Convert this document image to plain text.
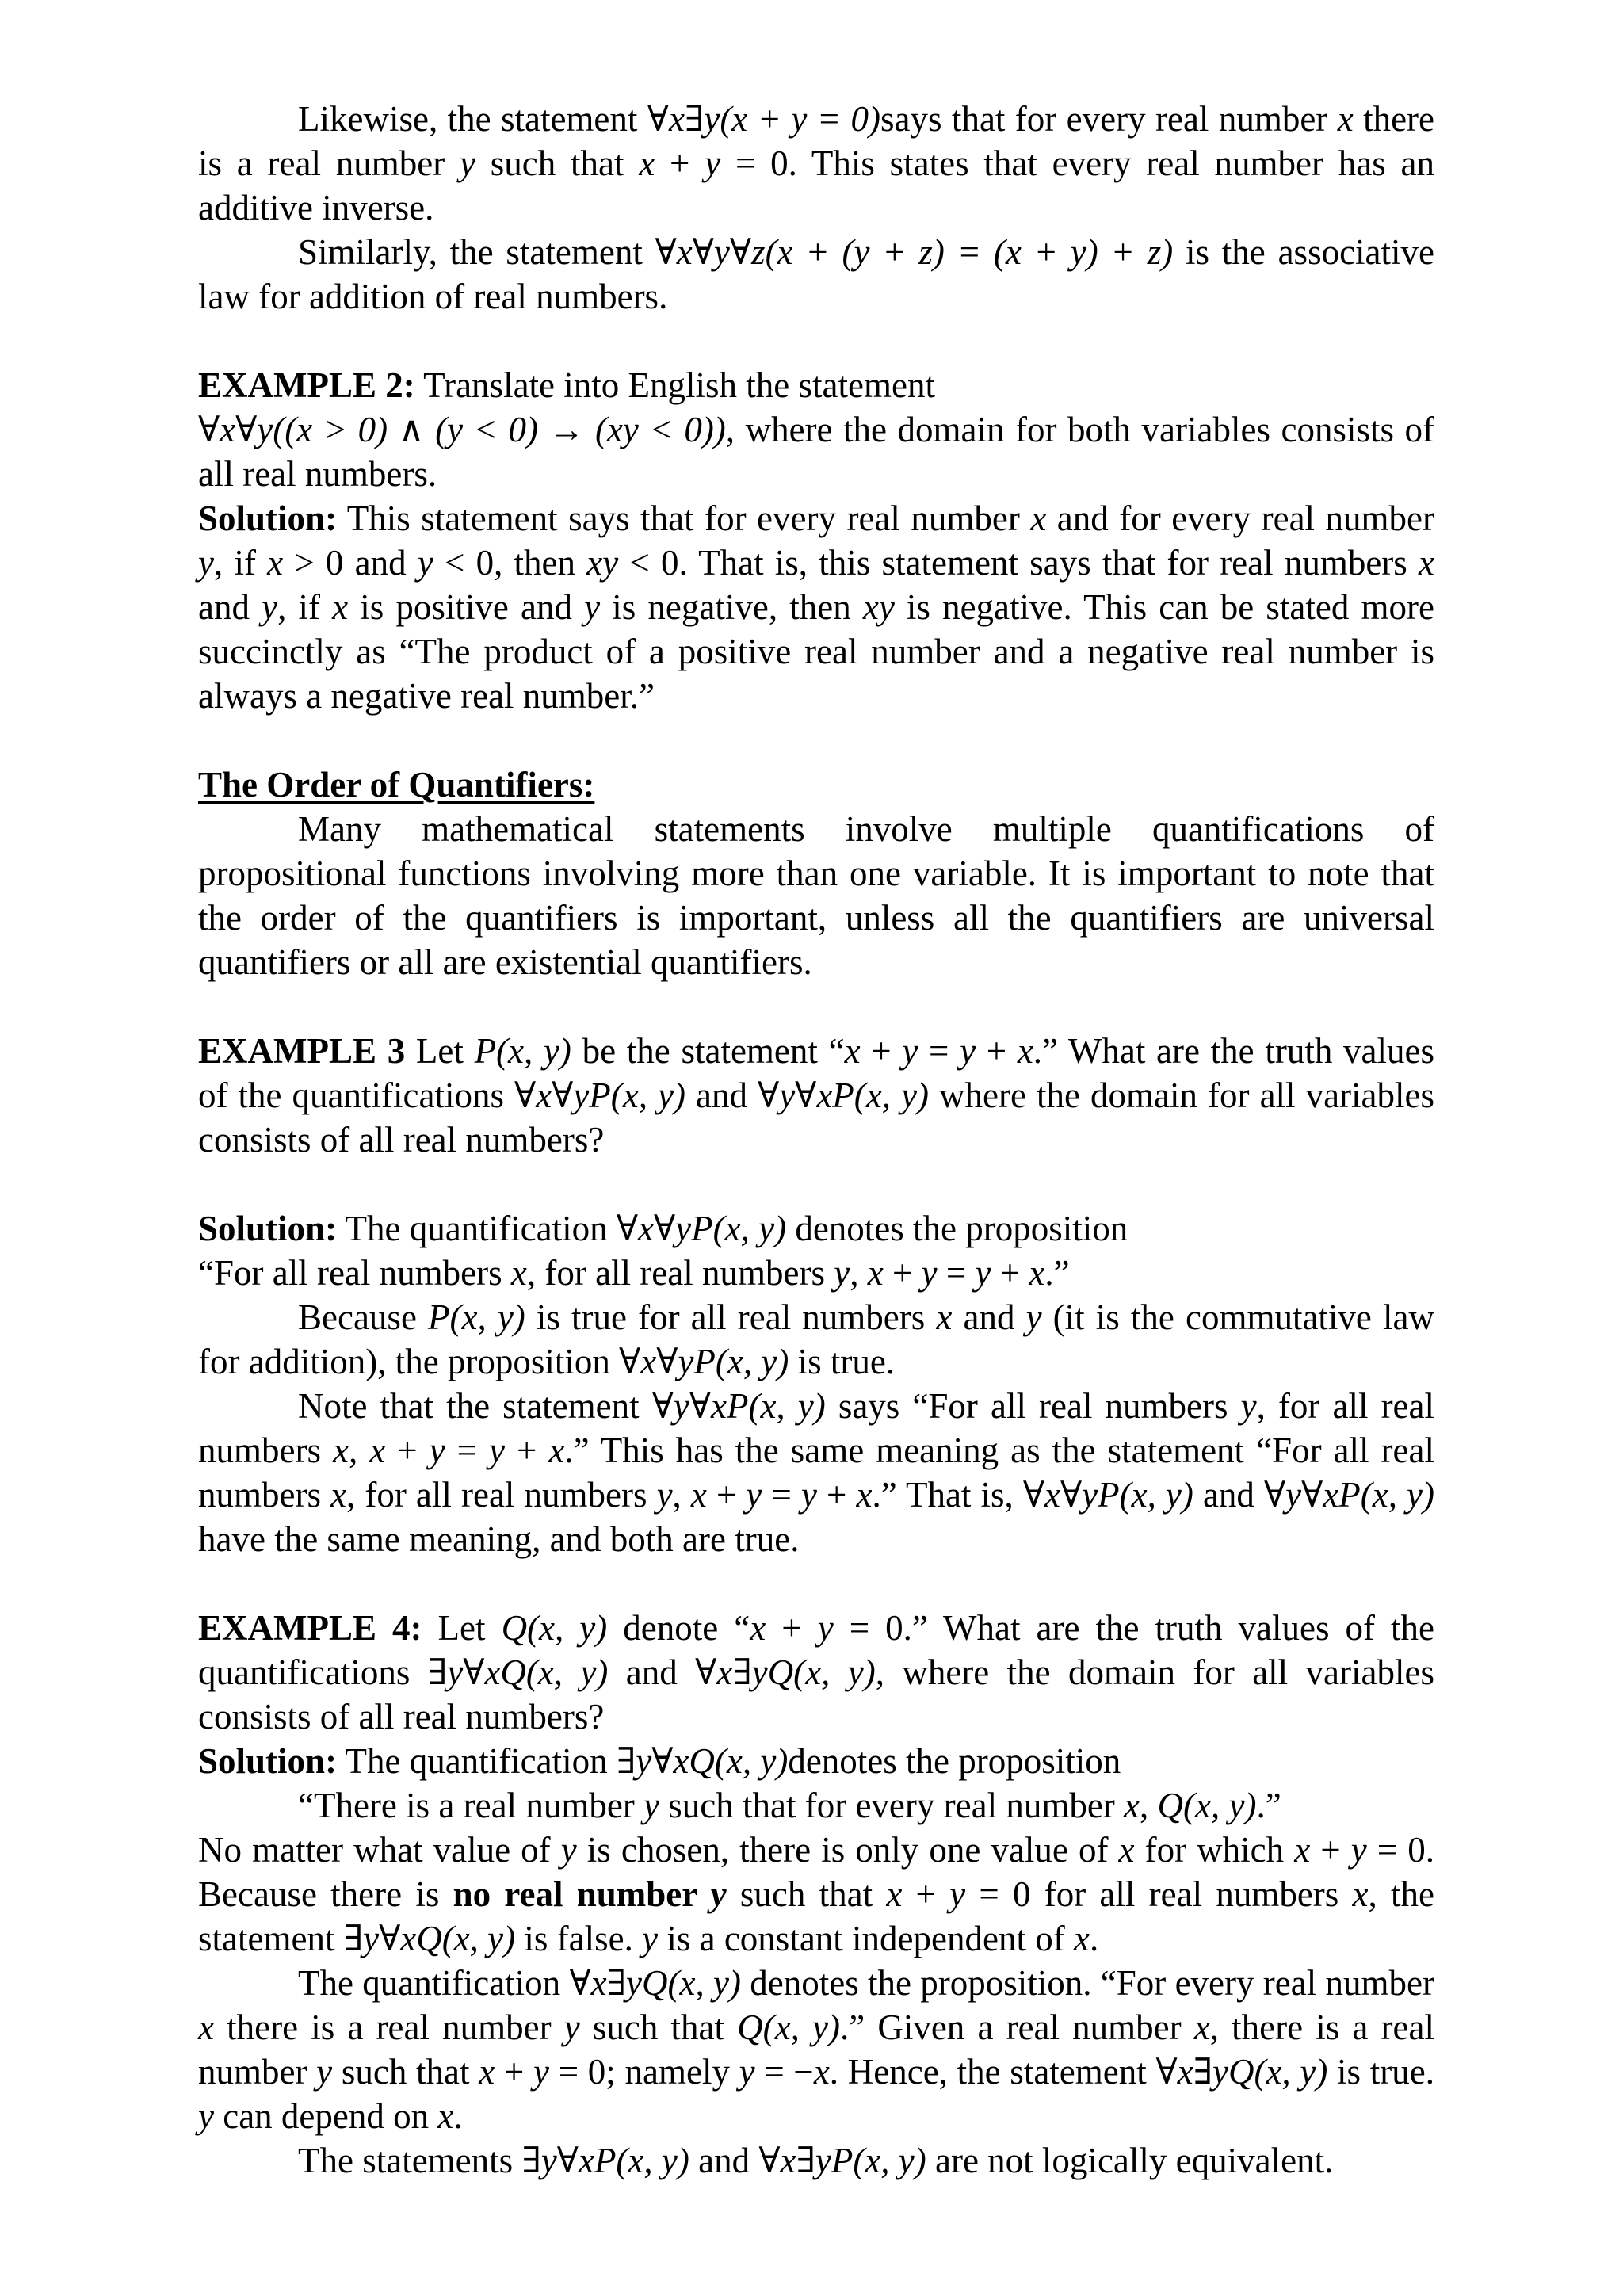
Likewise, the statement ∀x∃y(x + y = 0)says that for every real number x there is a real number y such that x + y = 0. This states that every real number has an additive inverse.

Similarly, the statement ∀x∀y∀z(x + (y + z) = (x + y) + z) is the associative law for addition of real numbers.

EXAMPLE 2: Translate into English the statement
∀x∀y((x > 0) ∧ (y < 0) → (xy < 0)), where the domain for both variables consists of all real numbers.

Solution: This statement says that for every real number x and for every real number y, if x > 0 and y < 0, then xy < 0. That is, this statement says that for real numbers x and y, if x is positive and y is negative, then xy is negative. This can be stated more succinctly as “The product of a positive real number and a negative real number is always a negative real number.”

The Order of Quantifiers:

Many mathematical statements involve multiple quantifications of propositional functions involving more than one variable. It is important to note that the order of the quantifiers is important, unless all the quantifiers are universal quantifiers or all are existential quantifiers.

EXAMPLE 3 Let P(x, y) be the statement “x + y = y + x.” What are the truth values of the quantifications ∀x∀yP(x, y) and ∀y∀xP(x, y) where the domain for all variables consists of all real numbers?

Solution: The quantification ∀x∀yP(x, y) denotes the proposition
“For all real numbers x, for all real numbers y, x + y = y + x.”

Because P(x, y) is true for all real numbers x and y (it is the commutative law for addition), the proposition ∀x∀yP(x, y) is true.

Note that the statement ∀y∀xP(x, y) says “For all real numbers y, for all real numbers x, x + y = y + x.” This has the same meaning as the statement “For all real numbers x, for all real numbers y, x + y = y + x.” That is, ∀x∀yP(x, y) and ∀y∀xP(x, y) have the same meaning, and both are true.

EXAMPLE 4: Let Q(x, y) denote “x + y = 0.” What are the truth values of the quantifications ∃y∀xQ(x, y) and ∀x∃yQ(x, y), where the domain for all variables consists of all real numbers?

Solution: The quantification ∃y∀xQ(x, y)denotes the proposition

“There is a real number y such that for every real number x, Q(x, y).”

No matter what value of y is chosen, there is only one value of x for which x + y = 0. Because there is no real number y such that x + y = 0 for all real numbers x, the statement ∃y∀xQ(x, y) is false. y is a constant independent of x.

The quantification ∀x∃yQ(x, y) denotes the proposition. “For every real number x there is a real number y such that Q(x, y).” Given a real number x, there is a real number y such that x + y = 0; namely y = −x. Hence, the statement ∀x∃yQ(x, y) is true. y can depend on x.

The statements ∃y∀xP(x, y) and ∀x∃yP(x, y) are not logically equivalent.
